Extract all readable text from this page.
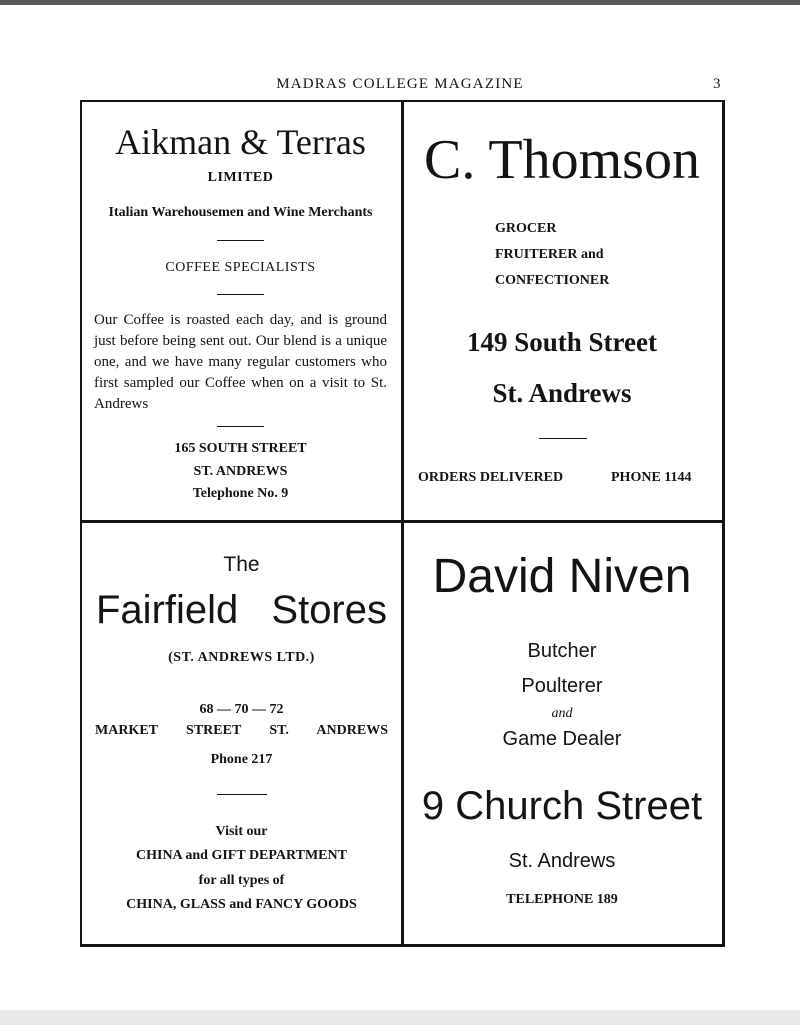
MADRAS COLLEGE MAGAZINE	3
Aikman & Terras
LIMITED
Italian Warehousemen and Wine Merchants
COFFEE SPECIALISTS
Our Coffee is roasted each day, and is ground just before being sent out. Our blend is a unique one, and we have many regular customers who first sampled our Coffee when on a visit to St. Andrews
165 SOUTH STREET
ST. ANDREWS
Telephone No. 9
C. Thomson
GROCER
FRUITERER and
CONFECTIONER
149 South Street
St. Andrews
ORDERS DELIVERED	PHONE 1144
The
Fairfield Stores
(ST. ANDREWS LTD.)
68 — 70 — 72
MARKET STREET ST. ANDREWS
Phone 217
Visit our
CHINA and GIFT DEPARTMENT
for all types of
CHINA, GLASS and FANCY GOODS
David Niven
Butcher
Poulterer
and
Game Dealer
9 Church Street
St. Andrews
TELEPHONE 189
